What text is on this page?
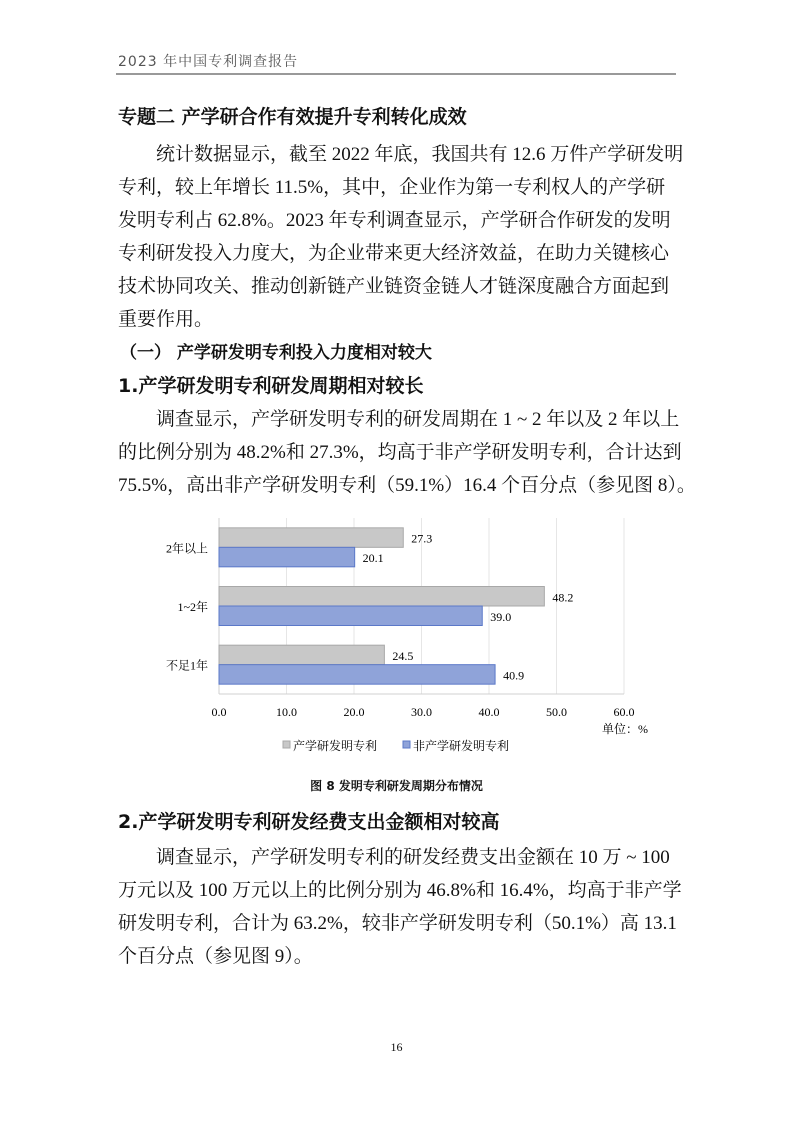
2023 年中国专利调查报告
专题二 产学研合作有效提升专利转化成效
统计数据显示，截至 2022 年底，我国共有 12.6 万件产学研发明
专利，较上年增长 11.5%，其中，企业作为第一专利权人的产学研
发明专利占 62.8%。2023 年专利调查显示，产学研合作研发的发明
专利研发投入力度大，为企业带来更大经济效益，在助力关键核心
技术协同攻关、推动创新链产业链资金链人才链深度融合方面起到
重要作用。
（一） 产学研发明专利投入力度相对较大
1.产学研发明专利研发周期相对较长
调查显示，产学研发明专利的研发周期在 1 ~ 2 年以及 2 年以上
的比例分别为 48.2%和 27.3%，均高于非产学研发明专利，合计达到
75.5%，高出非产学研发明专利（59.1%）16.4 个百分点（参见图 8）。
0.0	10.0	20.0	30.0	40.0	50.0	60.0
2年以上
27.3
20.1
1~2年
48.2
39.0
不足1年
24.5
40.9
单位：%
产学研发明专利	非产学研发明专利
图 8 发明专利研发周期分布情况
2.产学研发明专利研发经费支出金额相对较高
调查显示，产学研发明专利的研发经费支出金额在 10 万 ~ 100
万元以及 100 万元以上的比例分别为 46.8%和 16.4%，均高于非产学
研发明专利，合计为 63.2%，较非产学研发明专利（50.1%）高 13.1
个百分点（参见图 9）。
16
